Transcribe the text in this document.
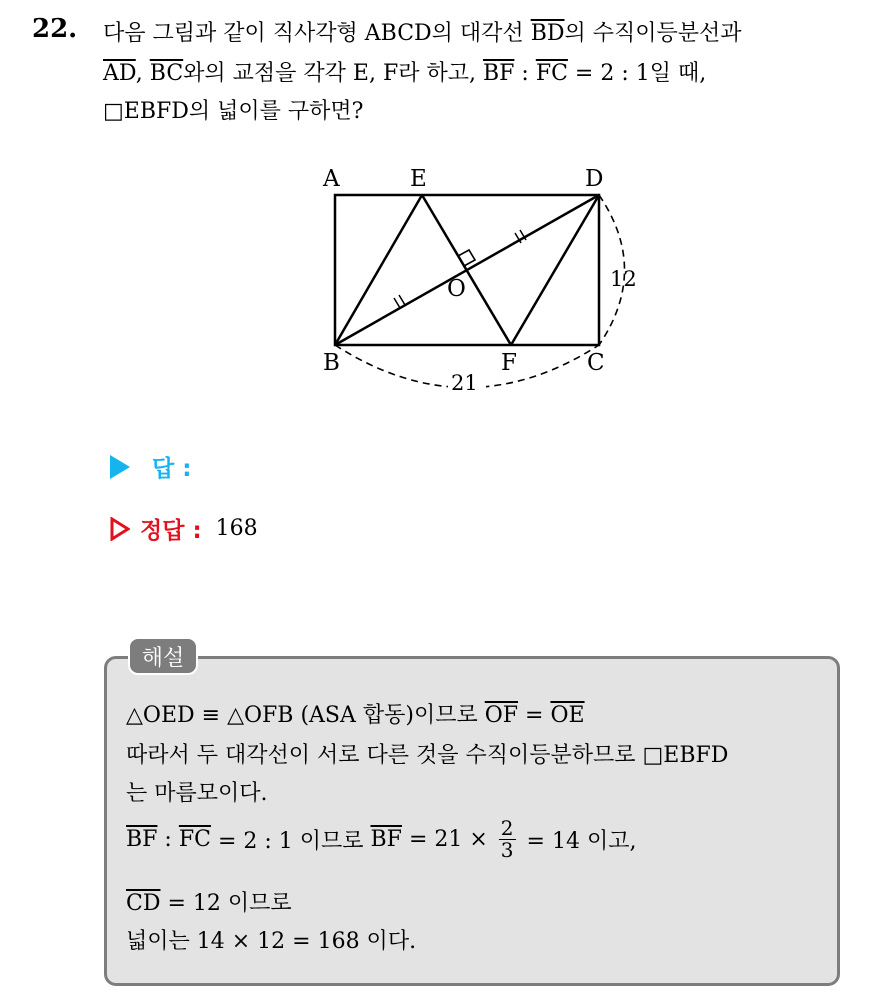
22. 다음 그림과 같이 직사각형 ABCD의 대각선 $\overline{BD}$의 수직이등분선과
$\overline{AD}$, $\overline{BC}$와의 교점을 각각 E, F라 하고, $\overline{BF}$ : $\overline{FC} = 2$ : 1일 때,
□EBFD의 넓이를 구하면?
A	E	D
O
B	F	C
12
21
답 :
정답 : 168
해설
△OED ≡ △OFB (ASA 합동)이므로 $\overline{OF} = \overline{OE}$
따라서 두 대각선이 서로 다른 것을 수직이등분하므로 □EBFD
는 마름모이다.
$\overline{BF}$ : $\overline{FC} = 2$ : 1 이므로 $\overline{BF} = 21 \times \frac{2}{3} = 14$ 이고,
$\overline{CD} = 12$ 이므로
넓이는 14 × 12 = 168 이다.
